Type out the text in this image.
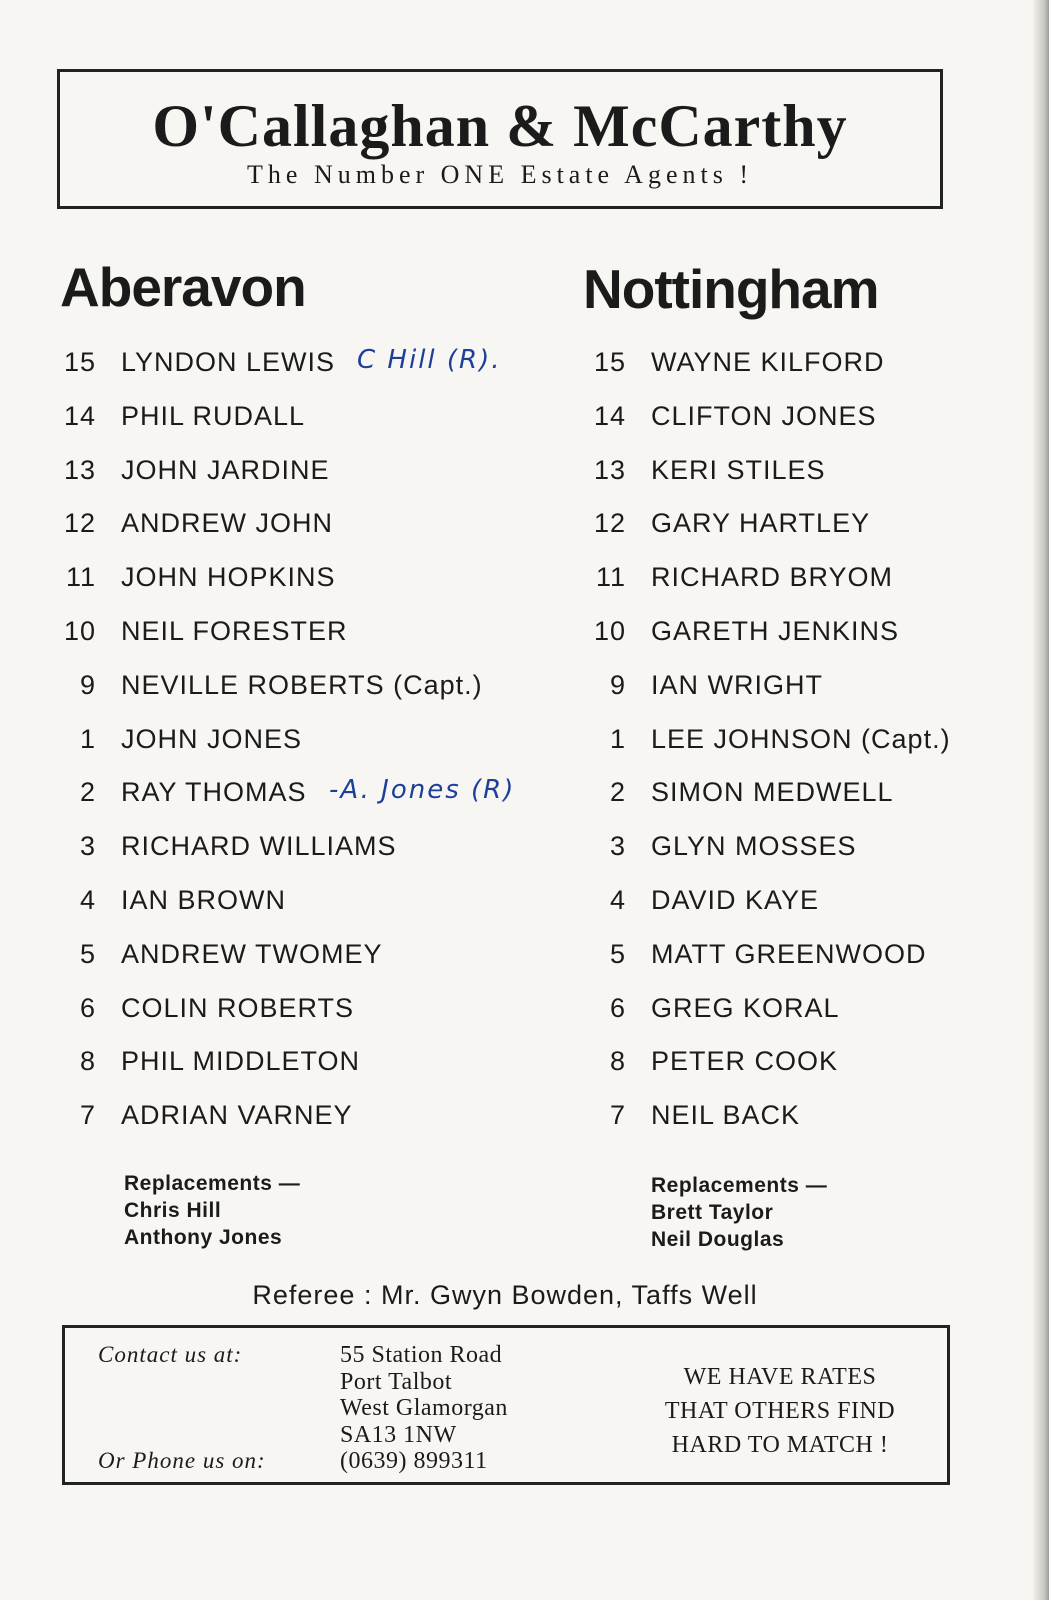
O'Callaghan & McCarthy
The Number ONE Estate Agents !
Aberavon	Nottingham
15 LYNDON LEWIS C Hill (R).
14 PHIL RUDALL
13 JOHN JARDINE
12 ANDREW JOHN
11 JOHN HOPKINS
10 NEIL FORESTER
9 NEVILLE ROBERTS (Capt.)
1 JOHN JONES
2 RAY THOMAS -A. Jones (R)
3 RICHARD WILLIAMS
4 IAN BROWN
5 ANDREW TWOMEY
6 COLIN ROBERTS
8 PHIL MIDDLETON
7 ADRIAN VARNEY
15 WAYNE KILFORD
14 CLIFTON JONES
13 KERI STILES
12 GARY HARTLEY
11 RICHARD BRYOM
10 GARETH JENKINS
9 IAN WRIGHT
1 LEE JOHNSON (Capt.)
2 SIMON MEDWELL
3 GLYN MOSSES
4 DAVID KAYE
5 MATT GREENWOOD
6 GREG KORAL
8 PETER COOK
7 NEIL BACK
Replacements —
Chris Hill
Anthony Jones
Replacements —
Brett Taylor
Neil Douglas
Referee : Mr. Gwyn Bowden, Taffs Well
Contact us at:
Or Phone us on:
55 Station Road
Port Talbot
West Glamorgan
SA13 1NW
(0639) 899311
WE HAVE RATES
THAT OTHERS FIND
HARD TO MATCH !
